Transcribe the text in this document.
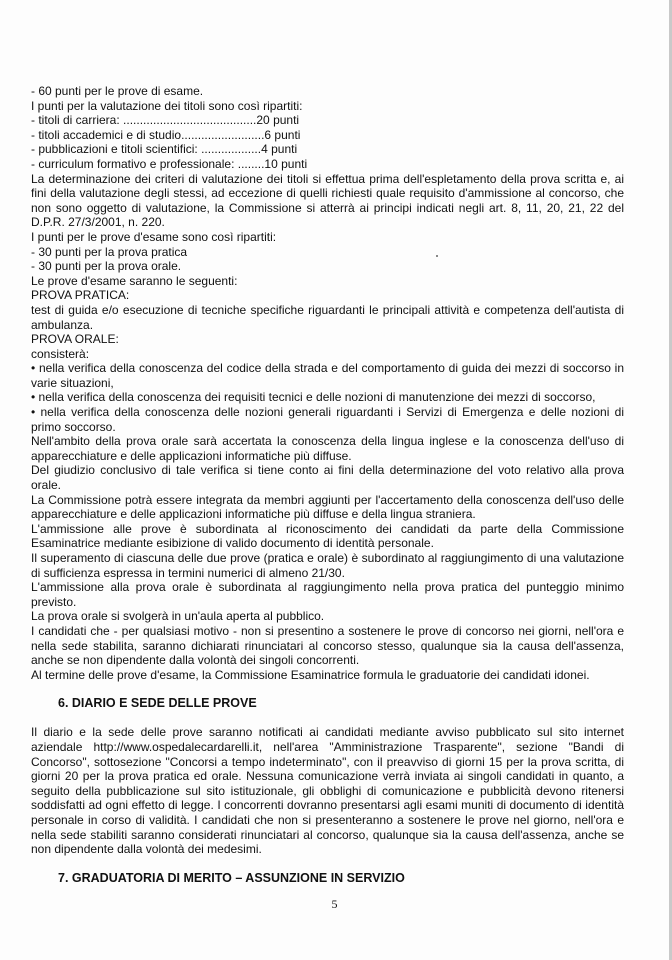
- 60 punti per le prove di esame.

I punti per la valutazione dei titoli sono così ripartiti:

- titoli di carriera: ........................................20 punti

- titoli accademici e di studio.........................6 punti

- pubblicazioni e titoli scientifici: ..................4 punti

- curriculum formativo e professionale: ........10 punti

La determinazione dei criteri di valutazione dei titoli si effettua prima dell'espletamento della prova scritta e, ai fini della valutazione degli stessi, ad eccezione di quelli richiesti quale requisito d'ammissione al concorso, che non sono oggetto di valutazione, la Commissione si atterrà ai principi indicati negli art. 8, 11, 20, 21, 22 del D.P.R. 27/3/2001, n. 220.

I punti per le prove d'esame sono così ripartiti:

- 30 punti per la prova pratica

- 30 punti per la prova orale.

Le prove d'esame saranno le seguenti:

PROVA PRATICA:

test di guida e/o esecuzione di tecniche specifiche riguardanti le principali attività e competenza dell'autista di ambulanza.

PROVA ORALE:

consisterà:

• nella verifica della conoscenza del codice della strada e del comportamento di guida dei mezzi di soccorso in varie situazioni,

• nella verifica della conoscenza dei requisiti tecnici e delle nozioni di manutenzione dei mezzi di soccorso,

• nella verifica della conoscenza delle nozioni generali riguardanti i Servizi di Emergenza e delle nozioni di primo soccorso.

Nell'ambito della prova orale sarà accertata la conoscenza della lingua inglese e la conoscenza dell'uso di apparecchiature e delle applicazioni informatiche più diffuse.

Del giudizio conclusivo di tale verifica si tiene conto ai fini della determinazione del voto relativo alla prova orale.

La Commissione potrà essere integrata da membri aggiunti per l'accertamento della conoscenza dell'uso delle apparecchiature e delle applicazioni informatiche più diffuse e della lingua straniera.

L'ammissione alle prove è subordinata al riconoscimento dei candidati da parte della Commissione Esaminatrice mediante esibizione di valido documento di identità personale.

Il superamento di ciascuna delle due prove (pratica e orale) è subordinato al raggiungimento di una valutazione di sufficienza espressa in termini numerici di almeno 21/30.

L'ammissione alla prova orale è subordinata al raggiungimento nella prova pratica del punteggio minimo previsto.

La prova orale si svolgerà in un'aula aperta al pubblico.

I candidati che - per qualsiasi motivo - non si presentino a sostenere le prove di concorso nei giorni, nell'ora e nella sede stabilita, saranno dichiarati rinunciatari al concorso stesso, qualunque sia la causa dell'assenza, anche se non dipendente dalla volontà dei singoli concorrenti.

Al termine delle prove d'esame, la Commissione Esaminatrice formula le graduatorie dei candidati idonei.

6. DIARIO E SEDE DELLE PROVE

Il diario e la sede delle prove saranno notificati ai candidati mediante avviso pubblicato sul sito internet aziendale http://www.ospedalecardarelli.it, nell'area "Amministrazione Trasparente", sezione "Bandi di Concorso", sottosezione "Concorsi a tempo indeterminato", con il preavviso di giorni 15 per la prova scritta, di giorni 20 per la prova pratica ed orale. Nessuna comunicazione verrà inviata ai singoli candidati in quanto, a seguito della pubblicazione sul sito istituzionale, gli obblighi di comunicazione e pubblicità devono ritenersi soddisfatti ad ogni effetto di legge. I concorrenti dovranno presentarsi agli esami muniti di documento di identità personale in corso di validità. I candidati che non si presenteranno a sostenere le prove nel giorno, nell'ora e nella sede stabiliti saranno considerati rinunciatari al concorso, qualunque sia la causa dell'assenza, anche se non dipendente dalla volontà dei medesimi.

7. GRADUATORIA DI MERITO – ASSUNZIONE IN SERVIZIO

5
